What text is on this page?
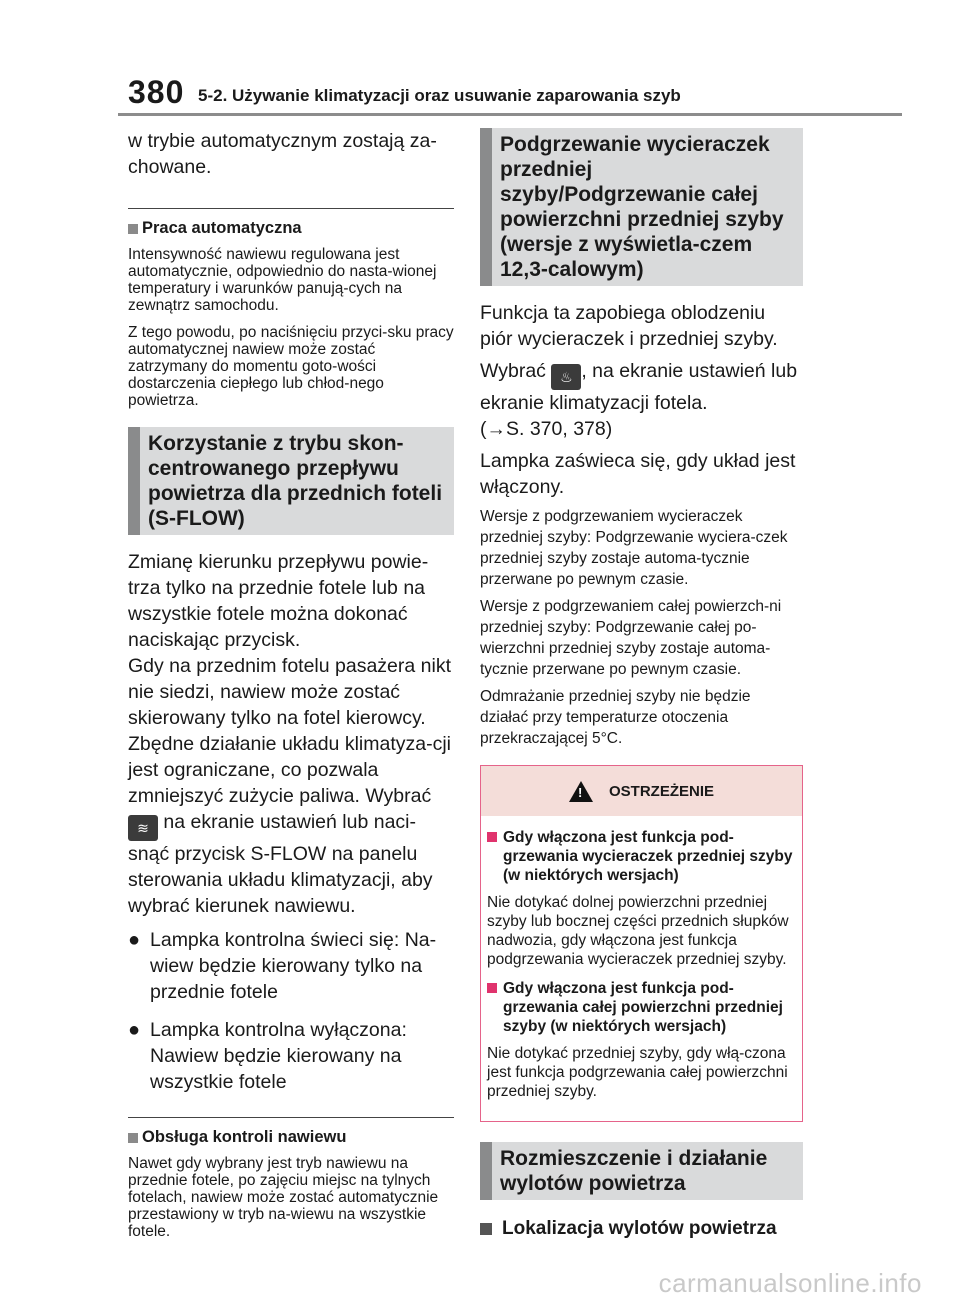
380 5-2. Używanie klimatyzacji oraz usuwanie zaparowania szyb

w trybie automatycznym zostają za-chowane.

Praca automatyczna

Intensywność nawiewu regulowana jest automatycznie, odpowiednio do nasta-wionej temperatury i warunków panują-cych na zewnątrz samochodu.

Z tego powodu, po naciśnięciu przyci-sku pracy automatycznej nawiew może zostać zatrzymany do momentu goto-wości dostarczenia ciepłego lub chłod-nego powietrza.

Korzystanie z trybu skon-centrowanego przepływu powietrza dla przednich foteli (S-FLOW)

Zmianę kierunku przepływu powie-trza tylko na przednie fotele lub na wszystkie fotele można dokonać naciskając przycisk.

Gdy na przednim fotelu pasażera nikt nie siedzi, nawiew może zostać skierowany tylko na fotel kierowcy. Zbędne działanie układu klimatyza-cji jest ograniczane, co pozwala zmniejszyć zużycie paliwa. Wybrać
≋ na ekranie ustawień lub naci-snąć przycisk S-FLOW na panelu sterowania układu klimatyzacji, aby wybrać kierunek nawiewu.

● Lampka kontrolna świeci się: Na-wiew będzie kierowany tylko na przednie fotele
● Lampka kontrolna wyłączona: Nawiew będzie kierowany na wszystkie fotele
Obsługa kontroli nawiewu

Nawet gdy wybrany jest tryb nawiewu na przednie fotele, po zajęciu miejsc na tylnych fotelach, nawiew może zostać automatycznie przestawiony w tryb na-wiewu na wszystkie fotele.

Podgrzewanie wycieraczek przedniej szyby/Podgrzewanie całej powierzchni przedniej szyby (wersje z wyświetla-czem 12,3-calowym)

Funkcja ta zapobiega oblodzeniu piór wycieraczek i przedniej szyby.

Wybrać ♨ , na ekranie ustawień lub ekranie klimatyzacji fotela.

(→S. 370, 378)

Lampka zaświeca się, gdy układ jest włączony.

Wersje z podgrzewaniem wycieraczek przedniej szyby: Podgrzewanie wyciera-czek przedniej szyby zostaje automa-tycznie przerwane po pewnym czasie.

Wersje z podgrzewaniem całej powierzch-ni przedniej szyby: Podgrzewanie całej po-wierzchni przedniej szyby zostaje automa-tycznie przerwane po pewnym czasie.

Odmrażanie przedniej szyby nie będzie działać przy temperaturze otoczenia przekraczającej 5°C.

! OSTRZEŻENIE
Gdy włączona jest funkcja pod-grzewania wycieraczek przedniej szyby (w niektórych wersjach)

Nie dotykać dolnej powierzchni przedniej szyby lub bocznej części przednich słupków nadwozia, gdy włączona jest funkcja podgrzewania wycieraczek przedniej szyby.

Gdy włączona jest funkcja pod-grzewania całej powierzchni przedniej szyby (w niektórych wersjach)

Nie dotykać przedniej szyby, gdy włą-czona jest funkcja podgrzewania całej powierzchni przedniej szyby.

Rozmieszczenie i działanie wylotów powietrza
Lokalizacja wylotów powietrza
carmanualsonline.info
